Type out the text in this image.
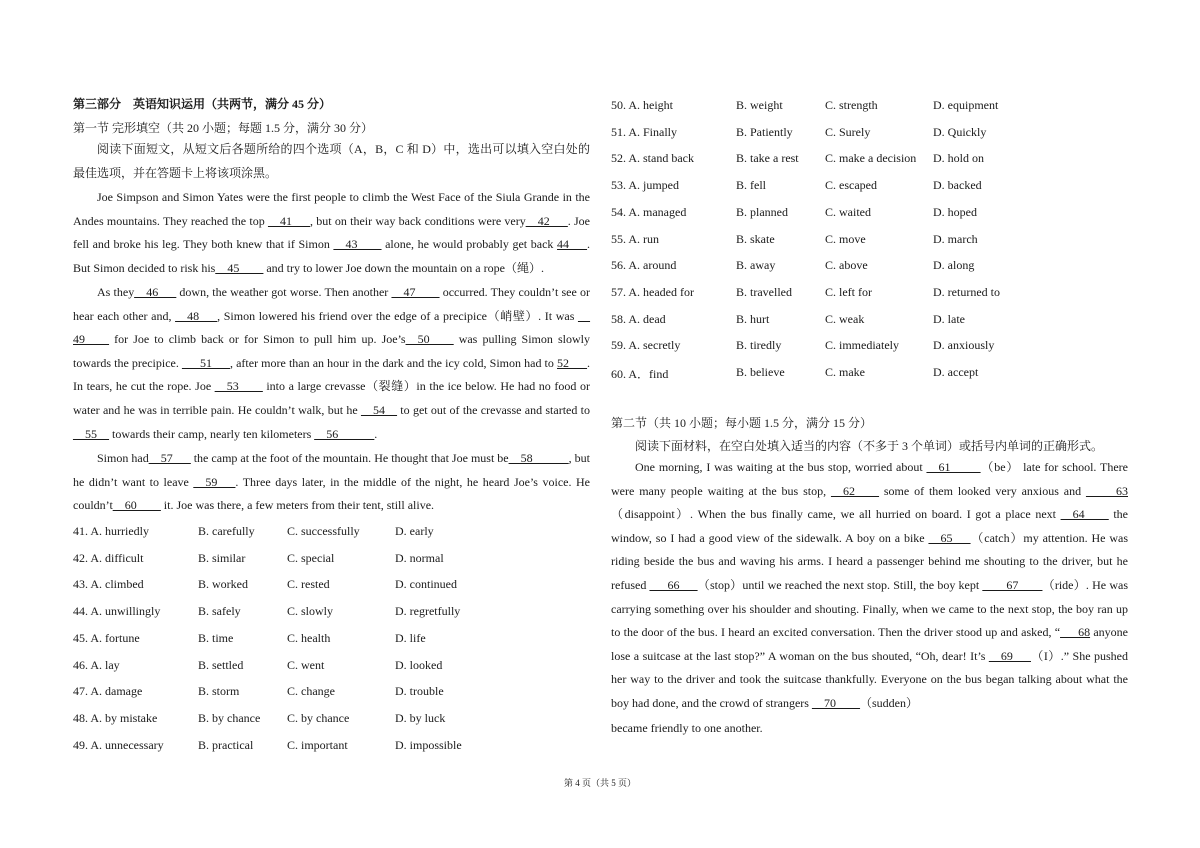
第三部分　英语知识运用（共两节，满分 45 分）
第一节 完形填空（共 20 小题；每题 1.5 分，满分 30 分）
阅读下面短文，从短文后各题所给的四个选项（A，B，C 和 D）中，选出可以填入空白处的最佳选项，并在答题卡上将该项涂黑。
Joe Simpson and Simon Yates were the first people to climb the West Face of the Siula Grande in the Andes mountains. They reached the top __41___, but on their way back conditions were very__42___. Joe fell and broke his leg. They both knew that if Simon __43____ alone, he would probably get back 44___. But Simon decided to risk his__45____ and try to lower Joe down the mountain on a rope（绳）.
As they__46___ down, the weather got worse. Then another __47____ occurred. They couldn’t see or hear each other and, __48___, Simon lowered his friend over the edge of a precipice（峭壁）. It was __ 49____ for Joe to climb back or for Simon to pull him up. Joe’s__50____ was pulling Simon slowly towards the precipice. ___51___, after more than an hour in the dark and the icy cold, Simon had to 52___. In tears, he cut the rope. Joe __53____ into a large crevasse（裂缝）in the ice below. He had no food or water and he was in terrible pain. He couldn’t walk, but he __54__ to get out of the crevasse and started to __55__ towards their camp, nearly ten kilometers __56______.
Simon had__57___ the camp at the foot of the mountain. He thought that Joe must be__58______, but he didn’t want to leave __59___. Three days later, in the middle of the night, he heard Joe’s voice. He couldn’t__60____ it. Joe was there, a few meters from their tent, still alive.
41. A. hurriedly	B. carefully	C. successfully	D. early
42. A. difficult	B. similar	C. special	D. normal
43. A. climbed	B. worked	C. rested	D. continued
44. A. unwillingly	B. safely	C. slowly	D. regretfully
45. A. fortune	B. time	C. health	D. life
46. A. lay	B. settled	C. went	D. looked
47. A. damage	B. storm	C. change	D. trouble
48. A. by mistake	B. by chance C. by chance	D. by luck
49. A. unnecessary	B. practical	C. important	D. impossible
50. A. height	B. weight	C. strength	D. equipment
51. A. Finally	B. Patiently	C. Surely	D. Quickly
52. A. stand back	B. take a rest C. make a decision D. hold on
53. A. jumped	B. fell	C. escaped	D. backed
54. A. managed	B. planned	C. waited	D. hoped
55. A. run	B. skate	C. move	D. march
56. A. around	B. away	C. above	D. along
57. A. headed for	B. travelled	C. left for	D. returned to
58. A. dead	B. hurt	C. weak	D. late
59. A. secretly	B. tiredly	C. immediately	D. anxiously
60. A．find	B. believe	C. make	D. accept
第二节（共 10 小题；每小题 1.5 分，满分 15 分）
阅读下面材料，在空白处填入适当的内容（不多于 3 个单词）或括号内单词的正确形式。
One morning, I was waiting at the bus stop, worried about __61_____（be） late for school. There were many people waiting at the bus stop, __62____ some of them looked very anxious and _____63（disappoint）. When the bus finally came, we all hurried on board. I got a place next __64____ the window, so I had a good view of the sidewalk. A boy on a bike __65___（catch）my attention. He was riding beside the bus and waving his arms. I heard a passenger behind me shouting to the driver, but he refused ___66___（stop）until we reached the next stop. Still, the boy kept ____67____（ride）. He was carrying something over his shoulder and shouting. Finally, when we came to the next stop, the boy ran up to the door of the bus. I heard an excited conversation. Then the driver stood up and asked, “___68 anyone lose a suitcase at the last stop?” A woman on the bus shouted, “Oh, dear! It’s __69___（I）.” She pushed her way to the driver and took the suitcase thankfully. Everyone on the bus began talking about what the boy had done, and the crowd of strangers __70____（sudden）
became friendly to one another.
第 4 页（共 5 页）
